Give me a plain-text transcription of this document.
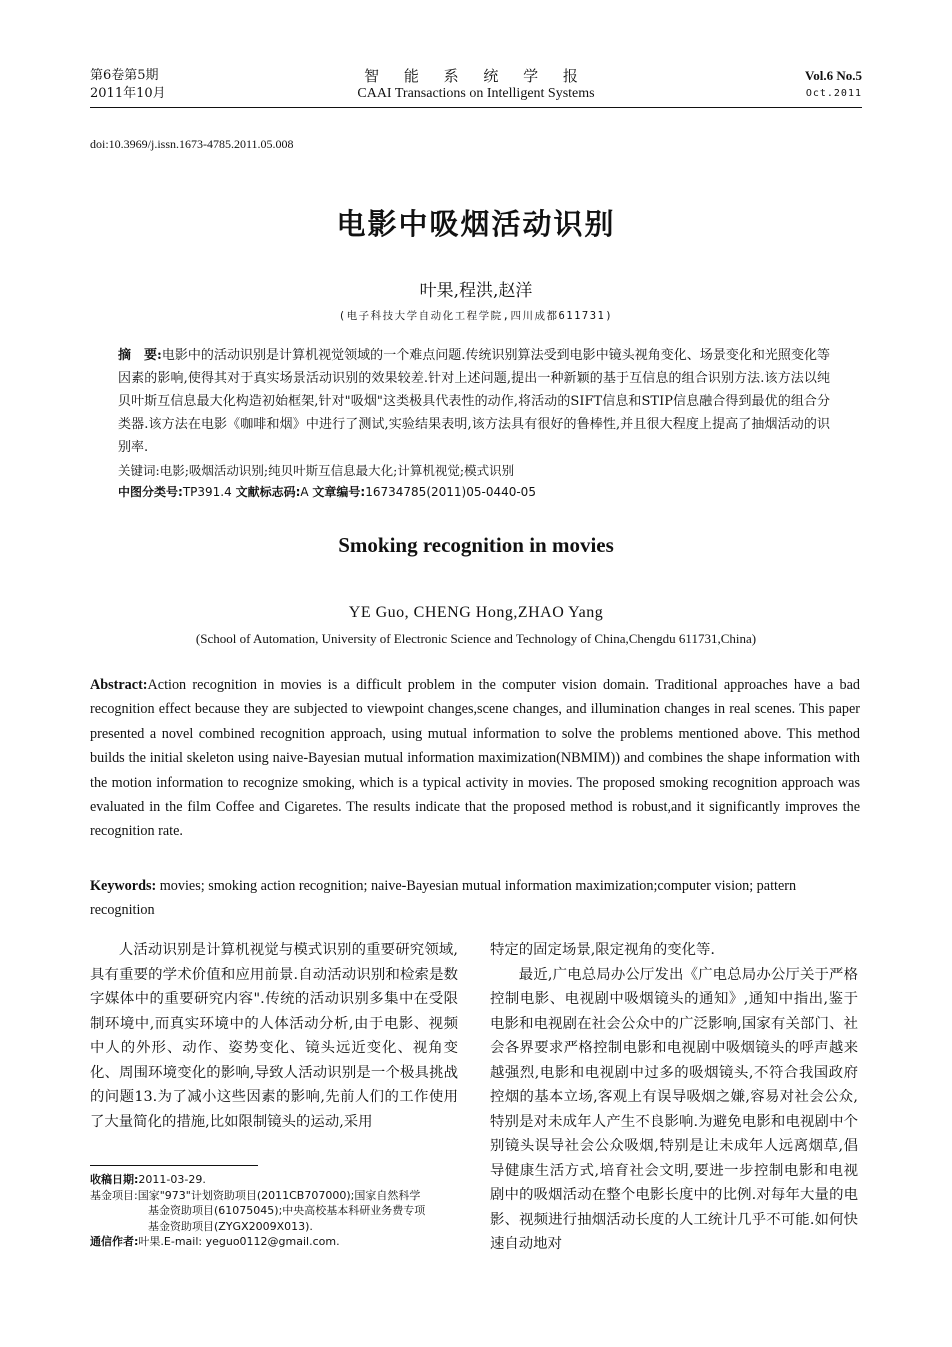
第6卷第5期
2011年10月
智 能 系 统 学 报
CAAI Transactions on Intelligent Systems
Vol.6 No.5
Oct.2011
doi:10.3969/j.issn.1673-4785.2011.05.008
电影中吸烟活动识别
叶果,程洪,赵洋
(电子科技大学自动化工程学院,四川成都611731)
摘　要:电影中的活动识别是计算机视觉领域的一个难点问题.传统识别算法受到电影中镜头视角变化、场景变化和光照变化等因素的影响,使得其对于真实场景活动识别的效果较差.针对上述问题,提出一种新颖的基于互信息的组合识别方法.该方法以纯贝叶斯互信息最大化构造初始框架,针对"吸烟"这类极具代表性的动作,将活动的SIFT信息和STIP信息融合得到最优的组合分类器.该方法在电影《咖啡和烟》中进行了测试,实验结果表明,该方法具有很好的鲁棒性,并且很大程度上提高了抽烟活动的识别率.
关键词:电影;吸烟活动识别;纯贝叶斯互信息最大化;计算机视觉;模式识别
中图分类号:TP391.4 文献标志码:A 文章编号:16734785(2011)05-0440-05
Smoking recognition in movies
YE Guo, CHENG Hong,ZHAO Yang
(School of Automation, University of Electronic Science and Technology of China,Chengdu 611731,China)
Abstract:Action recognition in movies is a difficult problem in the computer vision domain. Traditional approaches have a bad recognition effect because they are subjected to viewpoint changes,scene changes, and illumination changes in real scenes. This paper presented a novel combined recognition approach, using mutual information to solve the problems mentioned above. This method builds the initial skeleton using naive-Bayesian mutual information maximization(NBMIM)) and combines the shape information with the motion information to recognize smoking, which is a typical activity in movies. The proposed smoking recognition approach was evaluated in the film Coffee and Cigaretes. The results indicate that the proposed method is robust,and it significantly improves the recognition rate.
Keywords: movies; smoking action recognition; naive-Bayesian mutual information maximization;computer vision; pattern recognition

人活动识别是计算机视觉与模式识别的重要研究领域,具有重要的学术价值和应用前景.自动活动识别和检索是数字媒体中的重要研究内容".传统的活动识别多集中在受限制环境中,而真实环境中的人体活动分析,由于电影、视频中人的外形、动作、姿势变化、镜头远近变化、视角变化、周围环境变化的影响,导致人活动识别是一个极具挑战的问题13.为了减小这些因素的影响,先前人们的工作使用了大量简化的措施,比如限制镜头的运动,采用

特定的固定场景,限定视角的变化等.

最近,广电总局办公厅发出《广电总局办公厅关于严格控制电影、电视剧中吸烟镜头的通知》,通知中指出,鉴于电影和电视剧在社会公众中的广泛影响,国家有关部门、社会各界要求严格控制电影和电视剧中吸烟镜头的呼声越来越强烈,电影和电视剧中过多的吸烟镜头,不符合我国政府控烟的基本立场,客观上有误导吸烟之嫌,容易对社会公众,特别是对未成年人产生不良影响.为避免电影和电视剧中个别镜头误导社会公众吸烟,特别是让未成年人远离烟草,倡导健康生活方式,培育社会文明,要进一步控制电影和电视剧中的吸烟活动在整个电影长度中的比例.对每年大量的电影、视频进行抽烟活动长度的人工统计几乎不可能.如何快速自动地对

收稿日期: 2011-03-29.
基金项目: 国家"973"计划资助项目(2011CB707000);国家自然科学
基金资助项目(61075045);中央高校基本科研业务费专项
基金资助项目(ZYGX2009X013).
通信作者: 叶果.E-mail: yeguo0112@gmail.com.
